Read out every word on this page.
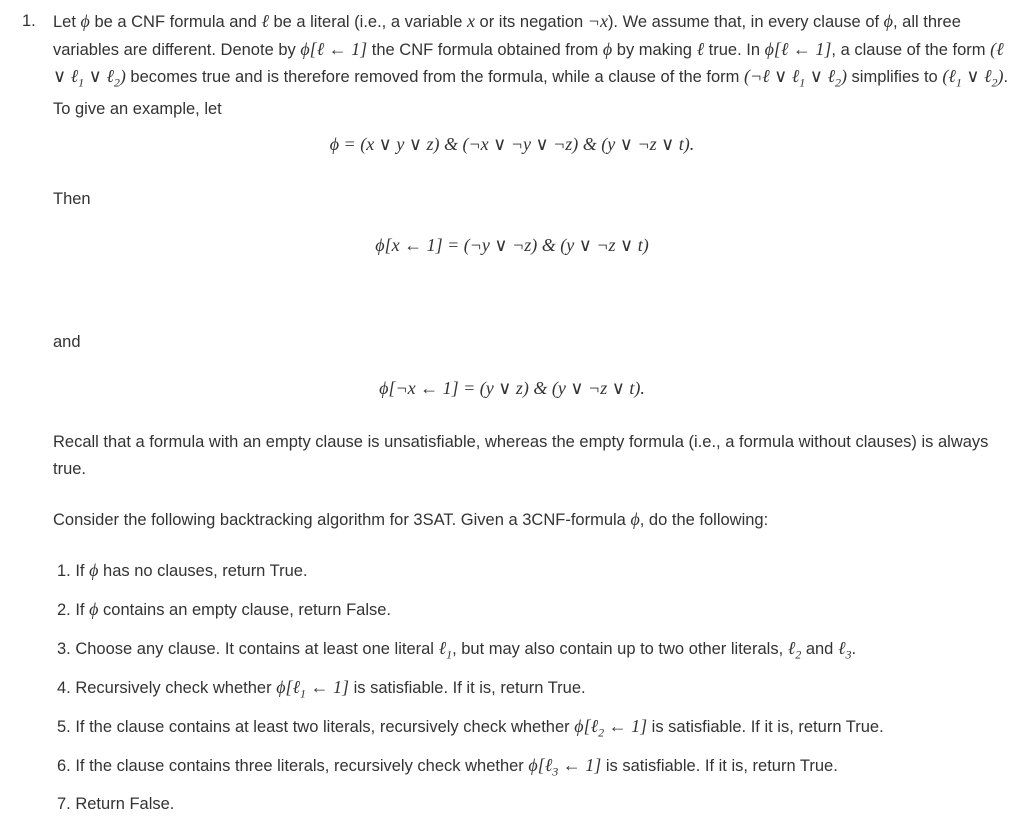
1. Let ϕ be a CNF formula and ℓ be a literal (i.e., a variable x or its negation ¬x). We assume that, in every clause of ϕ, all three variables are different. Denote by ϕ[ℓ ← 1] the CNF formula obtained from ϕ by making ℓ true. In ϕ[ℓ ← 1], a clause of the form (ℓ ∨ ℓ$_1$ ∨ ℓ$_2$) becomes true and is therefore removed from the formula, while a clause of the form (¬ℓ ∨ ℓ$_1$ ∨ ℓ$_2$) simplifies to (ℓ$_1$ ∨ ℓ$_2$). To give an example, let

ϕ = (x ∨ y ∨ z) & (¬x ∨ ¬y ∨ ¬z) & (y ∨ ¬z ∨ t).
Then
ϕ[x ← 1] = (¬y ∨ ¬z) & (y ∨ ¬z ∨ t)
and
ϕ[¬x ← 1] = (y ∨ z) & (y ∨ ¬z ∨ t).

Recall that a formula with an empty clause is unsatisfiable, whereas the empty formula (i.e., a formula without clauses) is always true.

Consider the following backtracking algorithm for 3SAT. Given a 3CNF-formula ϕ, do the following:

1. If ϕ has no clauses, return True.
2. If ϕ contains an empty clause, return False.
3. Choose any clause. It contains at least one literal ℓ$_1$, but may also contain up to two other literals, ℓ$_2$ and ℓ$_3$.
4. Recursively check whether ϕ[ℓ$_1$ ← 1] is satisfiable. If it is, return True.
5. If the clause contains at least two literals, recursively check whether ϕ[ℓ$_2$ ← 1] is satisfiable. If it is, return True.
6. If the clause contains three literals, recursively check whether ϕ[ℓ$_3$ ← 1] is satisfiable. If it is, return True.
7. Return False.
